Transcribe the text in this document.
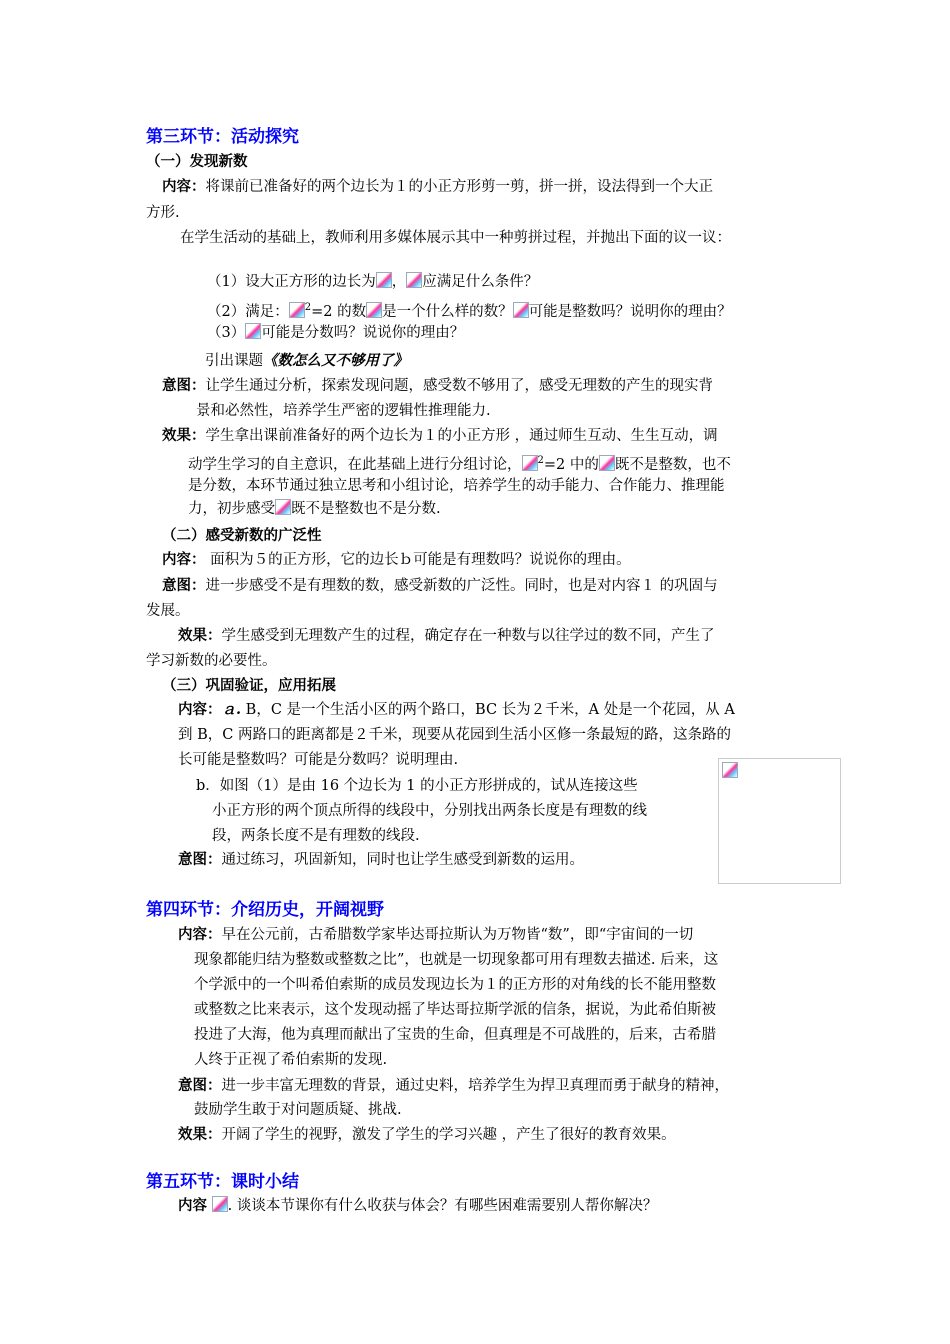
第三环节：活动探究
（一）发现新数
内容：将课前已准备好的两个边长为１的小正方形剪一剪，拼一拼，设法得到一个大正
方形.
在学生活动的基础上，教师利用多媒体展示其中一种剪拼过程，并抛出下面的议一议：
（1）设大正方形的边长为 ， 应满足什么条件？
（2）满足： $^2$=2 的数 是一个什么样的数？ 可能是整数吗？说明你的理由？
（3） 可能是分数吗？说说你的理由？
引出课题《数怎么又不够用了》
意图：让学生通过分析，探索发现问题，感受数不够用了，感受无理数的产生的现实背
景和必然性，培养学生严密的逻辑性推理能力.
效果：学生拿出课前准备好的两个边长为１的小正方形 ，通过师生互动、生生互动，调
动学生学习的自主意识，在此基础上进行分组讨论， $^2$=2 中的 既不是整数，也不
是分数，本环节通过独立思考和小组讨论，培养学生的动手能力、合作能力、推理能
力，初步感受 既不是整数也不是分数.
（二）感受新数的广泛性
内容： 面积为５的正方形，它的边长ｂ可能是有理数吗？说说你的理由。
意图：进一步感受不是有理数的数，感受新数的广泛性。同时，也是对内容１ 的巩固与
发展。
效果：学生感受到无理数产生的过程，确定存在一种数与以往学过的数不同，产生了
学习新数的必要性。
（三）巩固验证，应用拓展
内容：ａ. B，C 是一个生活小区的两个路口，BC 长为２千米，A 处是一个花园，从 A
到 B，C 两路口的距离都是２千米，现要从花园到生活小区修一条最短的路，这条路的
长可能是整数吗？可能是分数吗？说明理由.
b．如图（1）是由 16 个边长为 1 的小正方形拼成的，试从连接这些
小正方形的两个顶点所得的线段中，分别找出两条长度是有理数的线
段，两条长度不是有理数的线段.
意图：通过练习，巩固新知，同时也让学生感受到新数的运用。
第四环节：介绍历史，开阔视野
内容：早在公元前，古希腊数学家毕达哥拉斯认为万物皆“数”，即“宇宙间的一切
现象都能归结为整数或整数之比”，也就是一切现象都可用有理数去描述. 后来，这
个学派中的一个叫希伯索斯的成员发现边长为１的正方形的对角线的长不能用整数
或整数之比来表示，这个发现动摇了毕达哥拉斯学派的信条，据说，为此希伯斯被
投进了大海，他为真理而献出了宝贵的生命，但真理是不可战胜的，后来，古希腊
人终于正视了希伯索斯的发现.
意图：进一步丰富无理数的背景，通过史料，培养学生为捍卫真理而勇于献身的精神，
鼓励学生敢于对问题质疑、挑战.
效果：开阔了学生的视野，激发了学生的学习兴趣 ，产生了很好的教育效果。
第五环节：课时小结
内容 . 谈谈本节课你有什么收获与体会？有哪些困难需要别人帮你解决？
